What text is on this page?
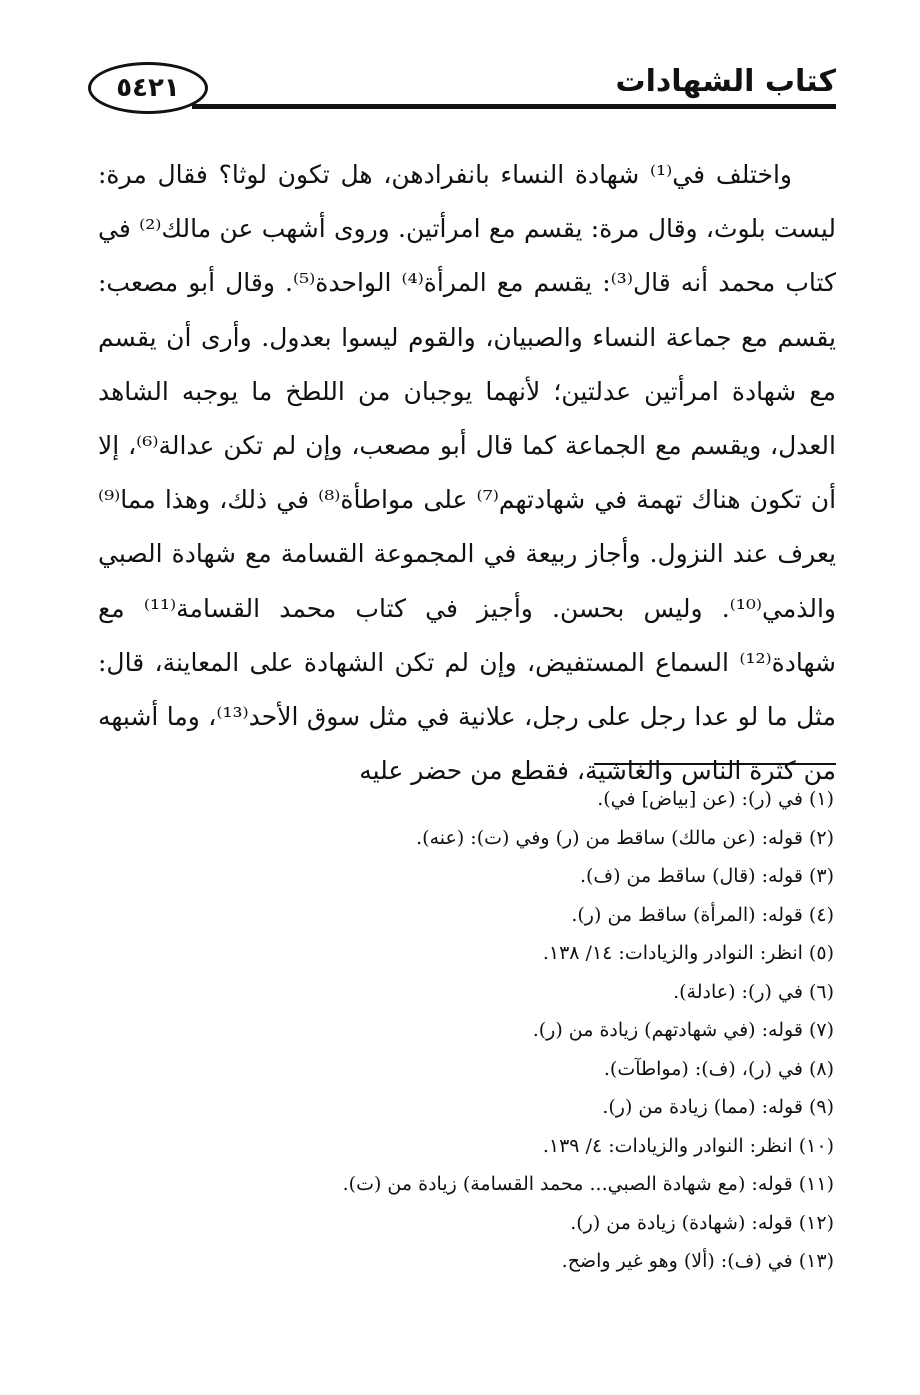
٥٤٢١	كتاب الشهادات

واختلف في⁽¹⁾ شهادة النساء بانفرادهن، هل تكون لوثا؟ فقال مرة: ليست بلوث، وقال مرة: يقسم مع امرأتين. وروى أشهب عن مالك⁽²⁾ في كتاب محمد أنه قال⁽³⁾: يقسم مع المرأة⁽⁴⁾ الواحدة⁽⁵⁾. وقال أبو مصعب: يقسم مع جماعة النساء والصبيان، والقوم ليسوا بعدول. وأرى أن يقسم مع شهادة امرأتين عدلتين؛ لأنهما يوجبان من اللطخ ما يوجبه الشاهد العدل، ويقسم مع الجماعة كما قال أبو مصعب، وإن لم تكن عدالة⁽⁶⁾، إلا أن تكون هناك تهمة في شهادتهم⁽⁷⁾ على مواطأة⁽⁸⁾ في ذلك، وهذا مما⁽⁹⁾ يعرف عند النزول. وأجاز ربيعة في المجموعة القسامة مع شهادة الصبي والذمي⁽¹⁰⁾. وليس بحسن. وأجيز في كتاب محمد القسامة⁽¹¹⁾ مع شهادة⁽¹²⁾ السماع المستفيض، وإن لم تكن الشهادة على المعاينة، قال: مثل ما لو عدا رجل على رجل، علانية في مثل سوق الأحد⁽¹³⁾، وما أشبهه من كثرة الناس والغاشية، فقطع من حضر عليه

(١) في (ر): (عن [بياض] في).
(٢) قوله: (عن مالك) ساقط من (ر) وفي (ت): (عنه).
(٣) قوله: (قال) ساقط من (ف).
(٤) قوله: (المرأة) ساقط من (ر).
(٥) انظر: النوادر والزيادات: ١٤/ ١٣٨.
(٦) في (ر): (عادلة).
(٧) قوله: (في شهادتهم) زيادة من (ر).
(٨) في (ر)، (ف): (مواطآت).
(٩) قوله: (مما) زيادة من (ر).
(١٠) انظر: النوادر والزيادات: ٤/ ١٣٩.
(١١) قوله: (مع شهادة الصبي... محمد القسامة) زيادة من (ت).
(١٢) قوله: (شهادة) زيادة من (ر).
(١٣) في (ف): (ألا) وهو غير واضح.
